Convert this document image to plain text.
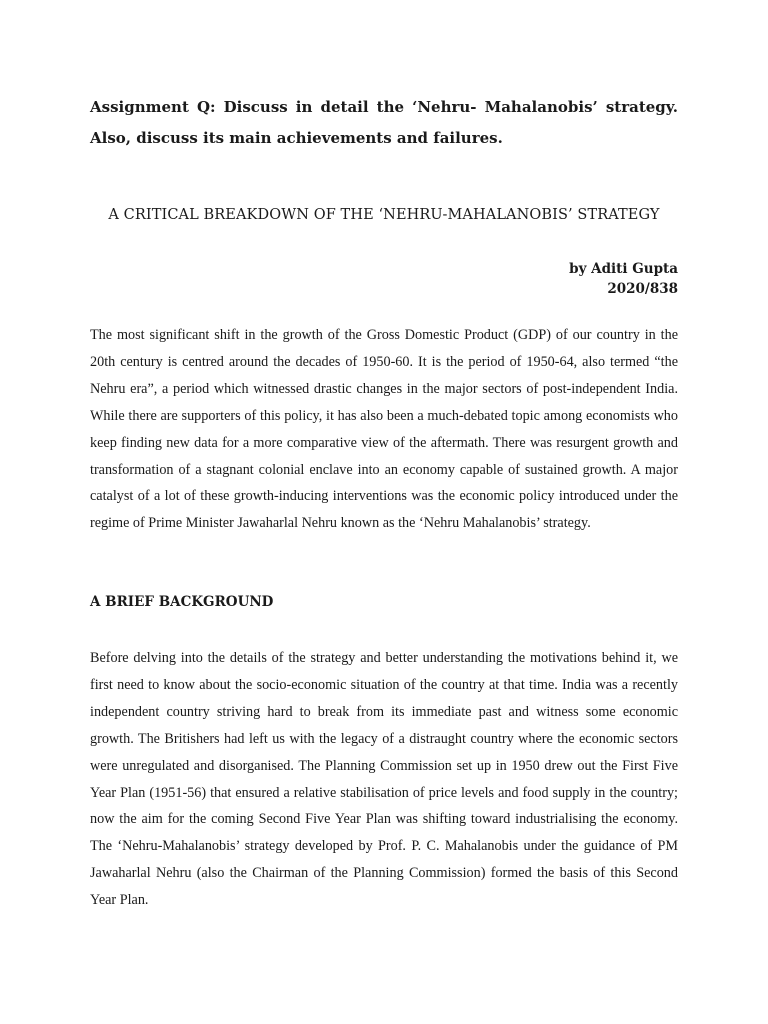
Assignment Q: Discuss in detail the ‘Nehru- Mahalanobis’ strategy. Also, discuss its main achievements and failures.
A CRITICAL BREAKDOWN OF THE ‘NEHRU-MAHALANOBIS’ STRATEGY
by Aditi Gupta
2020/838

The most significant shift in the growth of the Gross Domestic Product (GDP) of our country in the 20th century is centred around the decades of 1950-60. It is the period of 1950-64, also termed “the Nehru era”, a period which witnessed drastic changes in the major sectors of post-independent India. While there are supporters of this policy, it has also been a much-debated topic among economists who keep finding new data for a more comparative view of the aftermath. There was resurgent growth and transformation of a stagnant colonial enclave into an economy capable of sustained growth. A major catalyst of a lot of these growth-inducing interventions was the economic policy introduced under the regime of Prime Minister Jawaharlal Nehru known as the ‘Nehru Mahalanobis’ strategy.

A BRIEF BACKGROUND

Before delving into the details of the strategy and better understanding the motivations behind it, we first need to know about the socio-economic situation of the country at that time. India was a recently independent country striving hard to break from its immediate past and witness some economic growth. The Britishers had left us with the legacy of a distraught country where the economic sectors were unregulated and disorganised. The Planning Commission set up in 1950 drew out the First Five Year Plan (1951-56) that ensured a relative stabilisation of price levels and food supply in the country; now the aim for the coming Second Five Year Plan was shifting toward industrialising the economy. The ‘Nehru-Mahalanobis’ strategy developed by Prof. P. C. Mahalanobis under the guidance of PM Jawaharlal Nehru (also the Chairman of the Planning Commission) formed the basis of this Second Year Plan.
